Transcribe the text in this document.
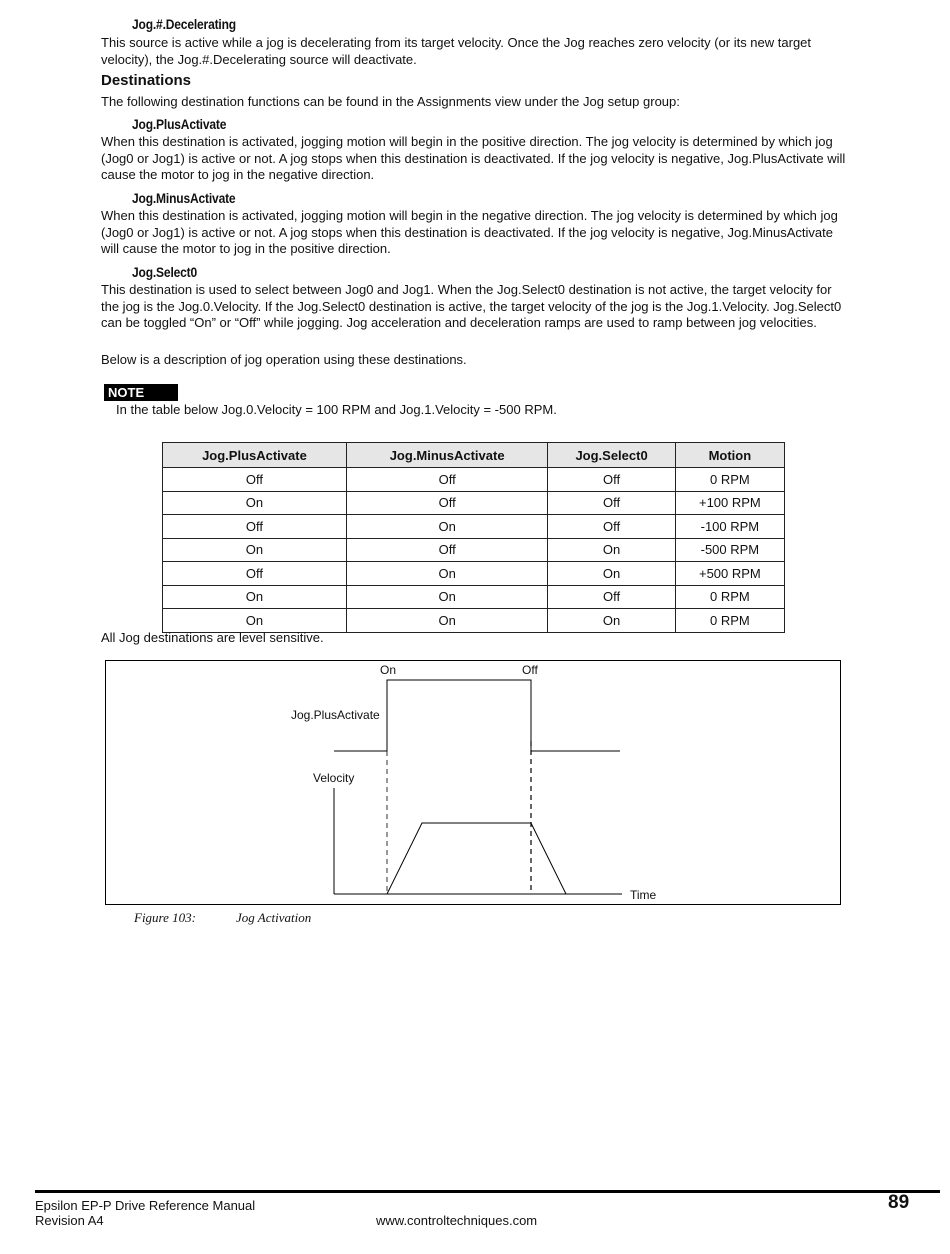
Jog.#.Decelerating
This source is active while a jog is decelerating from its target velocity. Once the Jog reaches zero velocity (or its new target velocity), the Jog.#.Decelerating source will deactivate.
Destinations
The following destination functions can be found in the Assignments view under the Jog setup group:
Jog.PlusActivate
When this destination is activated, jogging motion will begin in the positive direction. The jog velocity is determined by which jog (Jog0 or Jog1) is active or not. A jog stops when this destination is deactivated. If the jog velocity is negative, Jog.PlusActivate will cause the motor to jog in the negative direction.
Jog.MinusActivate
When this destination is activated, jogging motion will begin in the negative direction. The jog velocity is determined by which jog (Jog0 or Jog1) is active or not. A jog stops when this destination is deactivated. If the jog velocity is negative, Jog.MinusActivate will cause the motor to jog in the positive direction.
Jog.Select0
This destination is used to select between Jog0 and Jog1. When the Jog.Select0 destination is not active, the target velocity for the jog is the Jog.0.Velocity. If the Jog.Select0 destination is active, the target velocity of the jog is the Jog.1.Velocity. Jog.Select0 can be toggled “On” or “Off” while jogging. Jog acceleration and deceleration ramps are used to ramp between jog velocities.
Below is a description of jog operation using these destinations.
NOTE
In the table below Jog.0.Velocity = 100 RPM and Jog.1.Velocity = -500 RPM.
Jog.PlusActivate	Jog.MinusActivate	Jog.Select0	Motion
Off	Off	Off	0 RPM
On	Off	Off	+100 RPM
Off	On	Off	-100 RPM
On	Off	On	-500 RPM
Off	On	On	+500 RPM
On	On	Off	0 RPM
On	On	On	0 RPM
All Jog destinations are level sensitive.
On	Off
Jog.PlusActivate
Velocity
Time
Figure 103:	Jog Activation
Epsilon EP-P Drive Reference Manual
Revision A4	www.controltechniques.com
89
